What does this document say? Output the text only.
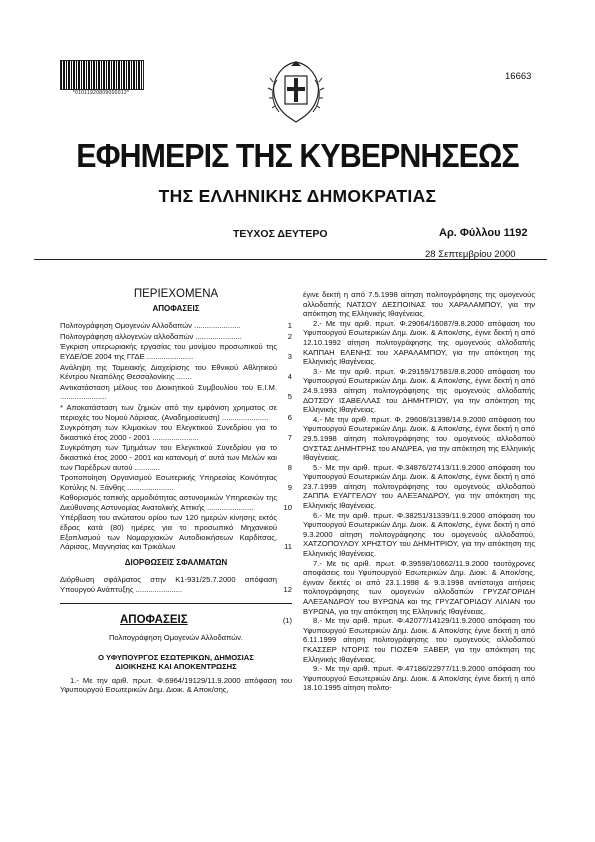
*01011920809000012*
16663
ΕΦΗΜΕΡΙΣ ΤΗΣ ΚΥΒΕΡΝΗΣΕΩΣ
ΤΗΣ ΕΛΛΗΝΙΚΗΣ ΔΗΜΟΚΡΑΤΙΑΣ
ΤΕΥΧΟΣ ΔΕΥΤΕΡΟ	Αρ. Φύλλου 1192
28 Σεπτεμβρίου 2000
ΠΕΡΙΕΧΟΜΕΝΑ
ΑΠΟΦΑΣΕΙΣ
Πολιτογράφηση Ομογενών Αλλοδαπών ......................	1
Πολιτογράφηση αλλογενών αλλοδαπών ......................	2
Έγκριση υπερωριακής εργασίας του μονίμου προσωπικού της ΕΥΔΕ/ΟΕ 2004 της ΓΓΔΕ ......................	3
Ανάληψη της Ταμειακής Διαχείρισης του Εθνικού Αθλητικού Κέντρου Νεαπόλης Θεσσαλονίκης .......	4
Αντικατάσταση μέλους του Διοικητικού Συμβουλίου του Ε.Ι.Μ. ......................	5
* Αποκατάσταση των ζημιών από την εμφάνιση χρηματος σε περιοχές του Νομού Λάρισας. (Αναδημοσίευση) ......................	6
Συγκρότηση των Κλιμακίων του Ελεγκτικού Συνεδρίου για το δικαστικό έτος 2000 - 2001 ......................	7
Συγκρότηση των Τμημάτων του Ελεγκτικού Συνεδρίου για το δικαστικό έτος 2000 - 2001 και κατανομή σ' αυτά των Μελών και των Παρέδρων αυτού ............	8
Τροποποίηση Οργανισμού Εσωτερικής Υπηρεσίας Κοινότητας Κοτύλης Ν. Ξάνθης ......................	9
Καθορισμός τοπικής αρμοδιότητας αστυνομικών Υπηρεσιών της Διεύθυνσης Αστυνομίας Ανατολικής Αττικής ......................	10
Υπέρβαση του ανώτατου ορίου των 120 ημερών κίνησης εκτός έδρας κατά (80) ημέρες για το προσωπικό Μηχανικού Εξοπλισμού των Νομαρχιακών Αυτοδιοικήσεων Καρδίτσας, Λάρισας, Μαγνησίας και Τρικάλων	11
ΔΙΟΡΘΩΣΕΙΣ ΣΦΑΛΜΑΤΩΝ
Διόρθωση σφάλματος στην Κ1-931/25.7.2000 απόφαση Υπουργού Ανάπτυξης ......................	12
ΑΠΟΦΑΣΕΙΣ	(1)
Πολιτογράφηση Ομογενών Αλλοδαπών.
Ο ΥΦΥΠΟΥΡΓΟΣ ΕΣΩΤΕΡΙΚΩΝ, ΔΗΜΟΣΙΑΣ
ΔΙΟΙΚΗΣΗΣ ΚΑΙ ΑΠΟΚΕΝΤΡΩΣΗΣ
1.- Με την αριθ. πρωτ. Φ.6964/19129/11.9.2000 απόφαση του Υφυπουργού Εσωτερικών Δημ. Διοικ. & Αποκ/σης,
έγινε δεκτή η από 7.5.1998 αίτηση πολιτογράφησης της ομογενούς αλλοδαπής ΝΑΤΣΟΥ ΔΕΣΠΟΙΝΑΣ του ΧΑΡΑΛΑΜΠΟΥ, για την απόκτηση της Ελληνικής Ιθαγένειας.
2.- Με την αριθ. πρωτ. Φ.29064/16087/9.8.2000 απόφαση του Υφυπουργού Εσωτερικών Δημ. Διοικ. & Αποκ/σης, έγινε δεκτή η από 12.10.1992 αίτηση πολιτογράφησης της ομογενούς αλλοδαπής ΚΑΠΠΑΗ ΕΛΕΝΗΣ του ΧΑΡΑΛΑΜΠΟΥ, για την απόκτηση της Ελληνικής Ιθαγένειας.
3.- Με την αριθ. πρωτ. Φ.29159/17581/8.8.2000 απόφαση του Υφυπουργού Εσωτερικών Δημ. Διοικ. & Αποκ/σης, έγινε δεκτή η από 24.9.1993 αίτηση πολιτογράφησης της ομογενούς αλλοδαπής ΔΟΤΣΟΥ ΙΣΑΒΕΛΛΑΣ του ΔΗΜΗΤΡΙΟΥ, για την απόκτηση της Ελληνικής Ιθαγένειας.
4.- Με την αριθ. πρωτ. Φ. 29608/31398/14.9.2000 απόφαση του Υφυπουργού Εσωτερικών Δημ. Διοικ. & Αποκ/σης, έγινε δεκτή η από 29.5.1998 αίτηση πολιτογράφησης του ομογενούς αλλοδαπού ΟΥΣΤΑΣ ΔΗΜΗΤΡΗΣ του ΑΝΔΡΕΑ, για την απόκτηση της Ελληνικής Ιθαγένειας.
5.- Με την αριθ. πρωτ. Φ.34876/27413/11.9.2000 απόφαση του Υφυπουργού Εσωτερικών Δημ. Διοικ. & Αποκ/σης, έγινε δεκτή η από 23.7.1999 αίτηση πολιτογράφησης του ομογενούς αλλοδαπού ΖΑΠΠΑ ΕΥΑΓΓΕΛΟΥ του ΑΛΕΞΑΝΔΡΟΥ, για την απόκτηση της Ελληνικής Ιθαγένειας.
6.- Με την αριθ. πρωτ. Φ.38251/31339/11.9.2000 απόφαση του Υφυπουργού Εσωτερικών Δημ. Διοικ. & Αποκ/σης, έγινε δεκτή η από 9.3.2000 αίτηση πολιτογράφησης του ομογενούς αλλοδαπού, ΧΑΤΖΟΠΟΥΛΟΥ ΧΡΗΣΤΟΥ του ΔΗΜΗΤΡΙΟΥ, για την απόκτηση της Ελληνικής Ιθαγένειας.
7.- Με τις αριθ. πρωτ. Φ.39598/10662/11.9.2000 ταυτόχρονες αποφάσεις του Υφυπουργού Εσωτερικών Δημ. Διοικ. & Αποκ/σης, έγιναν δεκτές οι από 23.1.1998 & 9.3.1998 αντίστοιχα αιτήσεις πολιτογράφησης των ομογενών αλλοδαπών ΓΡΥΖΑΓΟΡΙΔΗ ΑΛΕΞΑΝΔΡΟΥ του ΒΥΡΩΝΑ και της ΓΡΥΖΑΓΟΡΙΔΟΥ ΛΙΛΙΑΝ του ΒΥΡΩΝΑ, για την απόκτηση της Ελληνικής Ιθαγένειας.
8.- Με την αριθ. πρωτ. Φ.42077/14129/11.9.2000 απόφαση του Υφυπουργού Εσωτερικών Δημ. Διοικ. & Αποκ/σης έγινε δεκτή η από 6.11.1999 αίτηση πολιτογράφησης του ομογενούς αλλοδαπού ΓΚΑΣΣΕΡ ΝΤΟΡΙΣ του ΓΙΟΖΕΦ ΞΑΒΕΡ, για την απόκτηση της Ελληνικής Ιθαγένειας.
9.- Με την αριθ. πρωτ. Φ.47186/22977/11.9.2000 απόφαση του Υφυπουργού Εσωτερικών Δημ. Διοικ. & Αποκ/σης έγινε δεκτή η από 18.10.1995 αίτηση πολιτο-
